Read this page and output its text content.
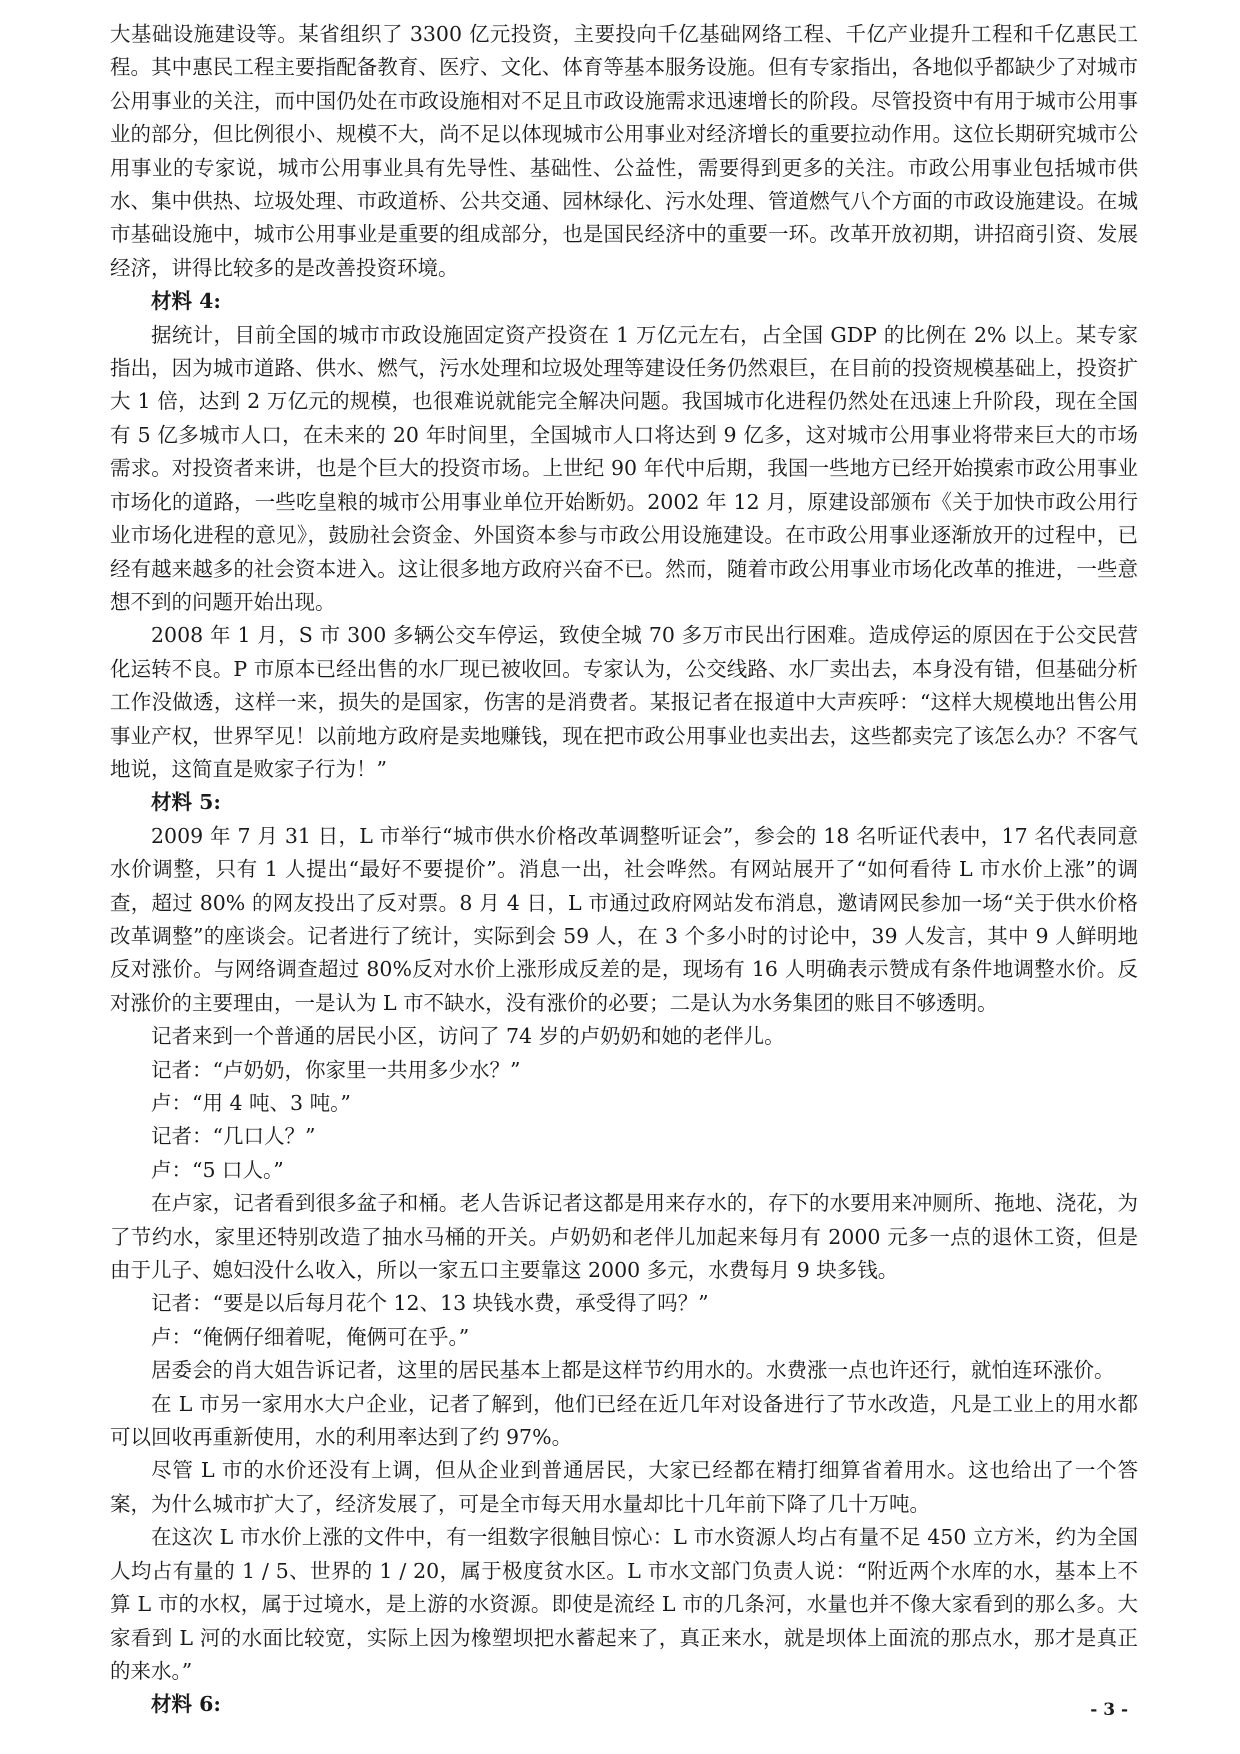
大基础设施建设等。某省组织了 3300 亿元投资，主要投向千亿基础网络工程、千亿产业提升工程和千亿惠民工程。其中惠民工程主要指配备教育、医疗、文化、体育等基本服务设施。但有专家指出，各地似乎都缺少了对城市公用事业的关注，而中国仍处在市政设施相对不足且市政设施需求迅速增长的阶段。尽管投资中有用于城市公用事业的部分，但比例很小、规模不大，尚不足以体现城市公用事业对经济增长的重要拉动作用。这位长期研究城市公用事业的专家说，城市公用事业具有先导性、基础性、公益性，需要得到更多的关注。市政公用事业包括城市供水、集中供热、垃圾处理、市政道桥、公共交通、园林绿化、污水处理、管道燃气八个方面的市政设施建设。在城市基础设施中，城市公用事业是重要的组成部分，也是国民经济中的重要一环。改革开放初期，讲招商引资、发展经济，讲得比较多的是改善投资环境。

材料 4:

据统计，目前全国的城市市政设施固定资产投资在 1 万亿元左右，占全国 GDP 的比例在 2% 以上。某专家指出，因为城市道路、供水、燃气，污水处理和垃圾处理等建设任务仍然艰巨，在目前的投资规模基础上，投资扩大 1 倍，达到 2 万亿元的规模，也很难说就能完全解决问题。我国城市化进程仍然处在迅速上升阶段，现在全国有 5 亿多城市人口，在未来的 20 年时间里，全国城市人口将达到 9 亿多，这对城市公用事业将带来巨大的市场需求。对投资者来讲，也是个巨大的投资市场。上世纪 90 年代中后期，我国一些地方已经开始摸索市政公用事业市场化的道路，一些吃皇粮的城市公用事业单位开始断奶。2002 年 12 月，原建设部颁布《关于加快市政公用行业市场化进程的意见》，鼓励社会资金、外国资本参与市政公用设施建设。在市政公用事业逐渐放开的过程中，已经有越来越多的社会资本进入。这让很多地方政府兴奋不已。然而，随着市政公用事业市场化改革的推进，一些意想不到的问题开始出现。

2008 年 1 月，S 市 300 多辆公交车停运，致使全城 70 多万市民出行困难。造成停运的原因在于公交民营化运转不良。P 市原本已经出售的水厂现已被收回。专家认为，公交线路、水厂卖出去，本身没有错，但基础分析工作没做透，这样一来，损失的是国家，伤害的是消费者。某报记者在报道中大声疾呼：“这样大规模地出售公用事业产权，世界罕见！以前地方政府是卖地赚钱，现在把市政公用事业也卖出去，这些都卖完了该怎么办？不客气地说，这简直是败家子行为！”

材料 5:

2009 年 7 月 31 日，L 市举行“城市供水价格改革调整听证会”，参会的 18 名听证代表中，17 名代表同意水价调整，只有 1 人提出“最好不要提价”。消息一出，社会哗然。有网站展开了“如何看待 L 市水价上涨”的调查，超过 80% 的网友投出了反对票。8 月 4 日，L 市通过政府网站发布消息，邀请网民参加一场“关于供水价格改革调整”的座谈会。记者进行了统计，实际到会 59 人，在 3 个多小时的讨论中，39 人发言，其中 9 人鲜明地反对涨价。与网络调查超过 80%反对水价上涨形成反差的是，现场有 16 人明确表示赞成有条件地调整水价。反对涨价的主要理由，一是认为 L 市不缺水，没有涨价的必要；二是认为水务集团的账目不够透明。

记者来到一个普通的居民小区，访问了 74 岁的卢奶奶和她的老伴儿。

记者：“卢奶奶，你家里一共用多少水？”

卢：“用 4 吨、3 吨。”

记者：“几口人？”

卢：“5 口人。”

在卢家，记者看到很多盆子和桶。老人告诉记者这都是用来存水的，存下的水要用来冲厕所、拖地、浇花，为了节约水，家里还特别改造了抽水马桶的开关。卢奶奶和老伴儿加起来每月有 2000 元多一点的退休工资，但是由于儿子、媳妇没什么收入，所以一家五口主要靠这 2000 多元，水费每月 9 块多钱。

记者：“要是以后每月花个 12、13 块钱水费，承受得了吗？”

卢：“俺俩仔细着呢，俺俩可在乎。”

居委会的肖大姐告诉记者，这里的居民基本上都是这样节约用水的。水费涨一点也许还行，就怕连环涨价。

在 L 市另一家用水大户企业，记者了解到，他们已经在近几年对设备进行了节水改造，凡是工业上的用水都可以回收再重新使用，水的利用率达到了约 97%。

尽管 L 市的水价还没有上调，但从企业到普通居民，大家已经都在精打细算省着用水。这也给出了一个答案，为什么城市扩大了，经济发展了，可是全市每天用水量却比十几年前下降了几十万吨。

在这次 L 市水价上涨的文件中，有一组数字很触目惊心：L 市水资源人均占有量不足 450 立方米，约为全国人均占有量的 1 / 5、世界的 1 / 20，属于极度贫水区。L 市水文部门负责人说：“附近两个水库的水，基本上不算 L 市的水权，属于过境水，是上游的水资源。即使是流经 L 市的几条河，水量也并不像大家看到的那么多。大家看到 L 河的水面比较宽，实际上因为橡塑坝把水蓄起来了，真正来水，就是坝体上面流的那点水，那才是真正的来水。”

材料 6:	- 3 -
